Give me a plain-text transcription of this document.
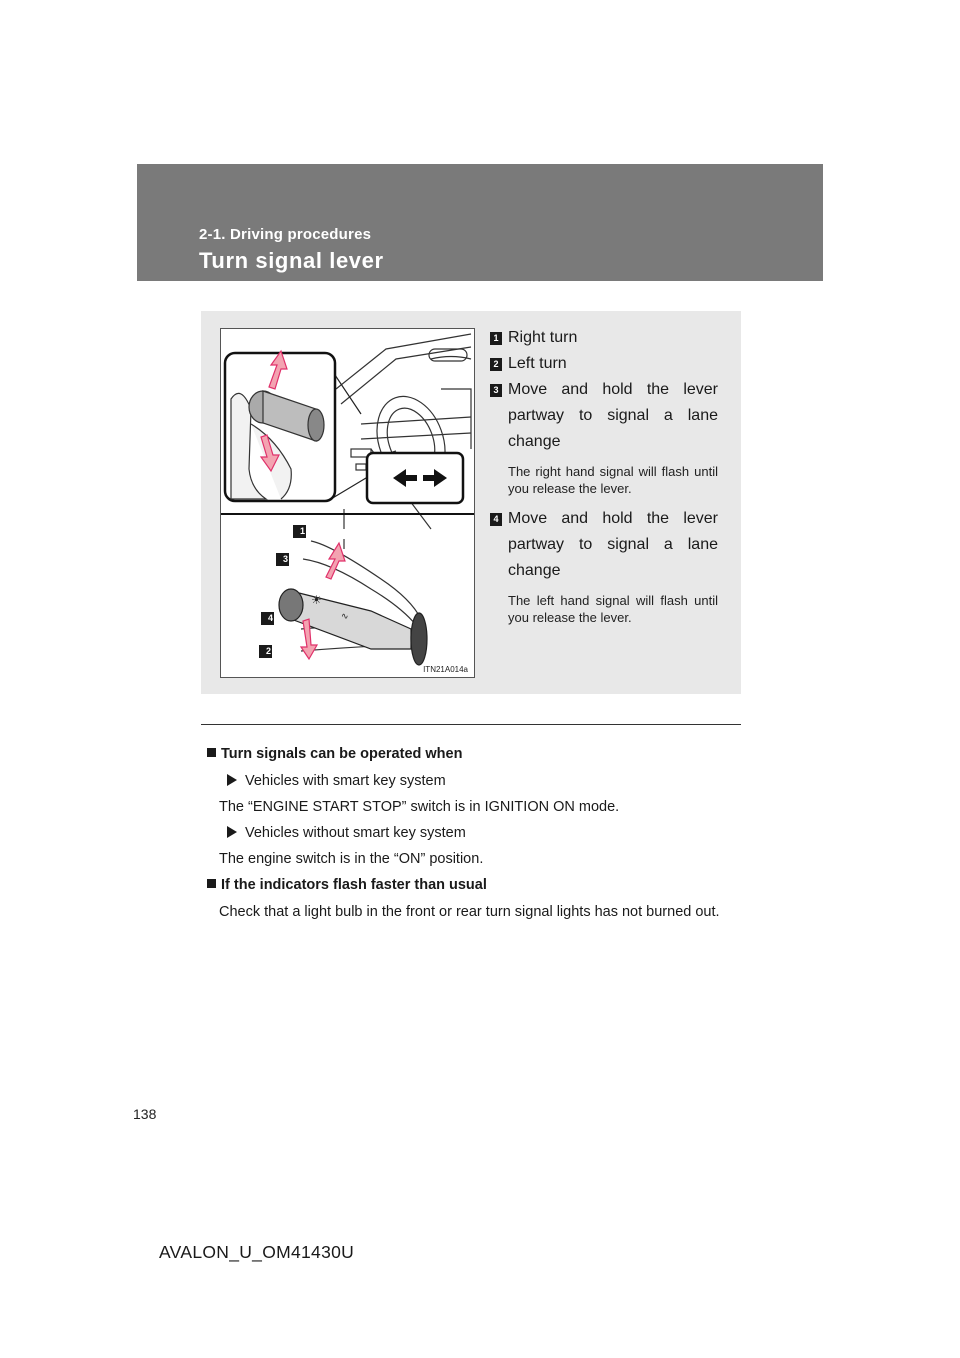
2-1. Driving procedures
Turn signal lever
☀
∿
1
3
4
2
ITN21A014a
1 Right turn
2 Left turn
3 Move and hold the lever partway to signal a lane change
The right hand signal will flash until you release the lever.
4 Move and hold the lever partway to signal a lane change
The left hand signal will flash until you release the lever.
Turn signals can be operated when
Vehicles with smart key system
The “ENGINE START STOP” switch is in IGNITION ON mode.
Vehicles without smart key system
The engine switch is in the “ON” position.
If the indicators flash faster than usual
Check that a light bulb in the front or rear turn signal lights has not burned out.
138
AVALON_U_OM41430U
